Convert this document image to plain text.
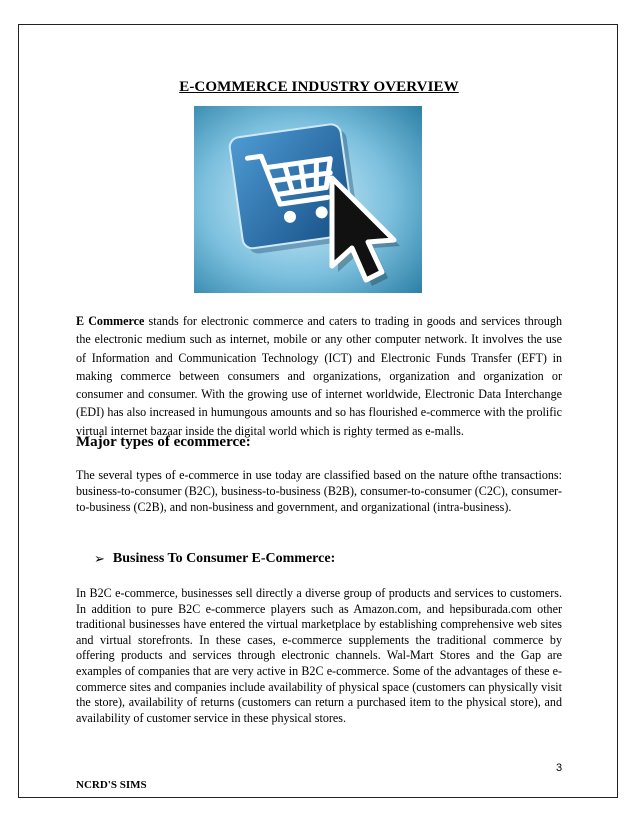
E-COMMERCE INDUSTRY OVERVIEW
E Commerce stands for electronic commerce and caters to trading in goods and services through the electronic medium such as internet, mobile or any other computer network. It involves the use of Information and Communication Technology (ICT) and Electronic Funds Transfer (EFT) in making commerce between consumers and organizations, organization and organization or consumer and consumer. With the growing use of internet worldwide, Electronic Data Interchange (EDI) has also increased in humungous amounts and so has flourished e-commerce with the prolific virtual internet bazaar inside the digital world which is righty termed as e-malls.
Major types of ecommerce:
The several types of e-commerce in use today are classified based on the nature ofthe transactions: business-to-consumer (B2C), business-to-business (B2B), consumer-to-consumer (C2C), consumer-to-business (C2B), and non-business and government, and organizational (intra-business).
➢ Business To Consumer E-Commerce:
In B2C e-commerce, businesses sell directly a diverse group of products and services to customers. In addition to pure B2C e-commerce players such as Amazon.com, and hepsiburada.com other traditional businesses have entered the virtual marketplace by establishing comprehensive web sites and virtual storefronts. In these cases, e-commerce supplements the traditional commerce by offering products and services through electronic channels. Wal-Mart Stores and the Gap are examples of companies that are very active in B2C e-commerce. Some of the advantages of these e-commerce sites and companies include availability of physical space (customers can physically visit the store), availability of returns (customers can return a purchased item to the physical store), and availability of customer service in these physical stores.
3
NCRD'S SIMS
